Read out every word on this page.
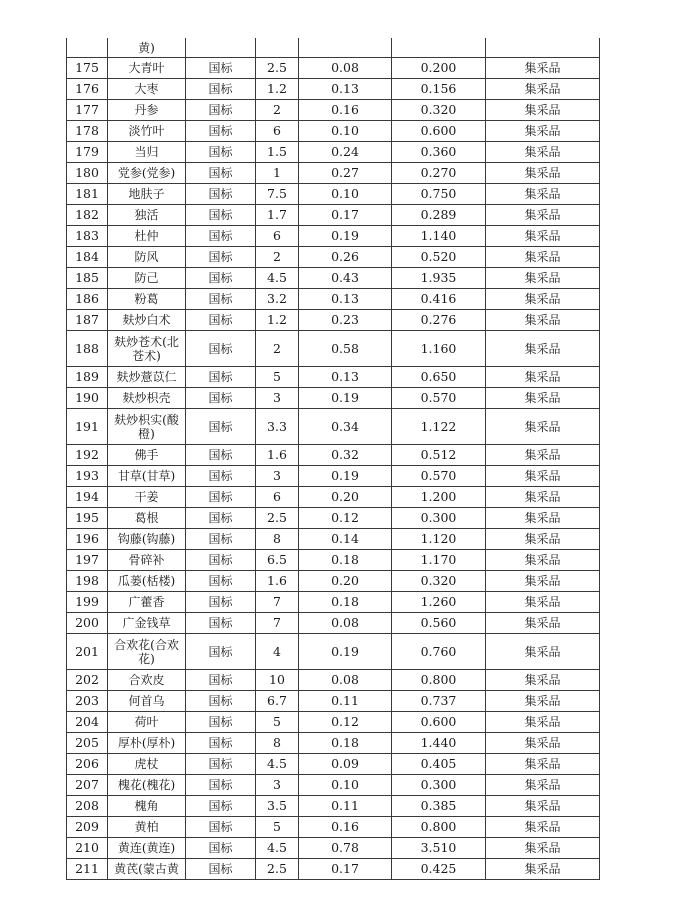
	黄)					
175	大青叶	国标	2.5	0.08	0.200	集采品
176	大枣	国标	1.2	0.13	0.156	集采品
177	丹参	国标	2	0.16	0.320	集采品
178	淡竹叶	国标	6	0.10	0.600	集采品
179	当归	国标	1.5	0.24	0.360	集采品
180	党参(党参)	国标	1	0.27	0.270	集采品
181	地肤子	国标	7.5	0.10	0.750	集采品
182	独活	国标	1.7	0.17	0.289	集采品
183	杜仲	国标	6	0.19	1.140	集采品
184	防风	国标	2	0.26	0.520	集采品
185	防己	国标	4.5	0.43	1.935	集采品
186	粉葛	国标	3.2	0.13	0.416	集采品
187	麸炒白术	国标	1.2	0.23	0.276	集采品
188	麸炒苍术(北苍术)	国标	2	0.58	1.160	集采品
189	麸炒薏苡仁	国标	5	0.13	0.650	集采品
190	麸炒枳壳	国标	3	0.19	0.570	集采品
191	麸炒枳实(酸橙)	国标	3.3	0.34	1.122	集采品
192	佛手	国标	1.6	0.32	0.512	集采品
193	甘草(甘草)	国标	3	0.19	0.570	集采品
194	干姜	国标	6	0.20	1.200	集采品
195	葛根	国标	2.5	0.12	0.300	集采品
196	钩藤(钩藤)	国标	8	0.14	1.120	集采品
197	骨碎补	国标	6.5	0.18	1.170	集采品
198	瓜蒌(栝楼)	国标	1.6	0.20	0.320	集采品
199	广藿香	国标	7	0.18	1.260	集采品
200	广金钱草	国标	7	0.08	0.560	集采品
201	合欢花(合欢花)	国标	4	0.19	0.760	集采品
202	合欢皮	国标	10	0.08	0.800	集采品
203	何首乌	国标	6.7	0.11	0.737	集采品
204	荷叶	国标	5	0.12	0.600	集采品
205	厚朴(厚朴)	国标	8	0.18	1.440	集采品
206	虎杖	国标	4.5	0.09	0.405	集采品
207	槐花(槐花)	国标	3	0.10	0.300	集采品
208	槐角	国标	3.5	0.11	0.385	集采品
209	黄柏	国标	5	0.16	0.800	集采品
210	黄连(黄连)	国标	4.5	0.78	3.510	集采品
211	黄芪(蒙古黄	国标	2.5	0.17	0.425	集采品
